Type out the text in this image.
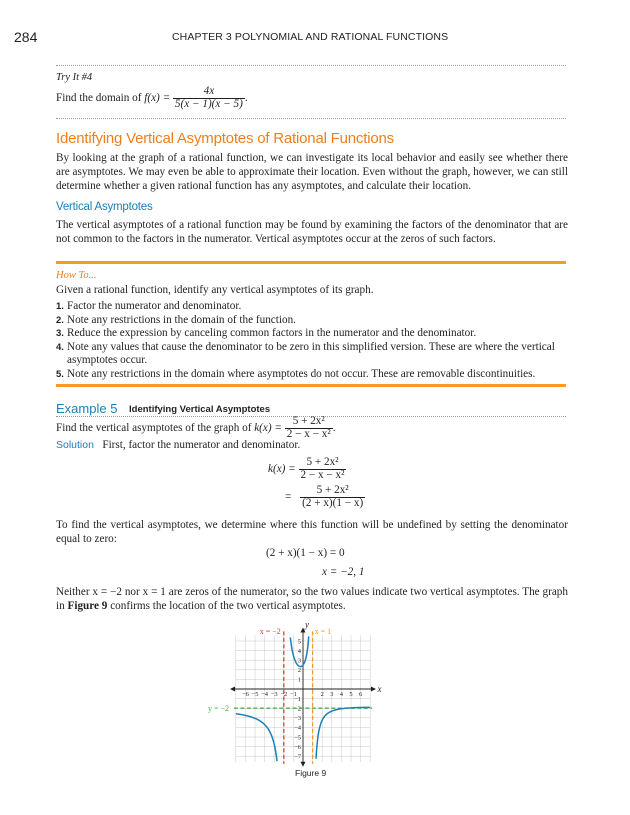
284	CHAPTER 3 POLYNOMIAL AND RATIONAL FUNCTIONS
Try It #4
Find the domain of $f(x) = \frac{4x}{5(x - 1)(x - 5)}$ .
Identifying Vertical Asymptotes of Rational Functions
By looking at the graph of a rational function, we can investigate its local behavior and easily see whether there are asymptotes. We may even be able to approximate their location. Even without the graph, however, we can still determine whether a given rational function has any asymptotes, and calculate their location.
Vertical Asymptotes
The vertical asymptotes of a rational function may be found by examining the factors of the denominator that are not common to the factors in the numerator. Vertical asymptotes occur at the zeros of such factors.
How To...
Given a rational function, identify any vertical asymptotes of its graph.
1. Factor the numerator and denominator.
2. Note any restrictions in the domain of the function.
3. Reduce the expression by canceling common factors in the numerator and the denominator.
4. Note any values that cause the denominator to be zero in this simplified version. These are where the vertical asymptotes occur.
5. Note any restrictions in the domain where asymptotes do not occur. These are removable discontinuities.
Example 5 Identifying Vertical Asymptotes
Find the vertical asymptotes of the graph of $k(x) = \frac{\text{5 + 2x²}}{\text{2 − x − x²}}$ .
Solution First, factor the numerator and denominator.
$k(x) = \frac{\text{5 + 2x²}}{\text{2 − x − x²}}$
= $\frac{\text{5 + 2x²}}{(2 + x)(1 - x)}$
To find the vertical asymptotes, we determine where this function will be undefined by setting the denominator equal to zero:
(2 + x)(1 − x) = 0
x = −2, 1
Neither x = −2 nor x = 1 are zeros of the numerator, so the two values indicate two vertical asymptotes. The graph in Figure 9 confirms the location of the two vertical asymptotes.
−6 −5 −4 −3 −2 −1	2 3 4 5 6
1
2
3
4
5
−1
−2
−3
−4
−5
−6
−7
x
y
x = −2	x = 1
y = −2
Figure 9
